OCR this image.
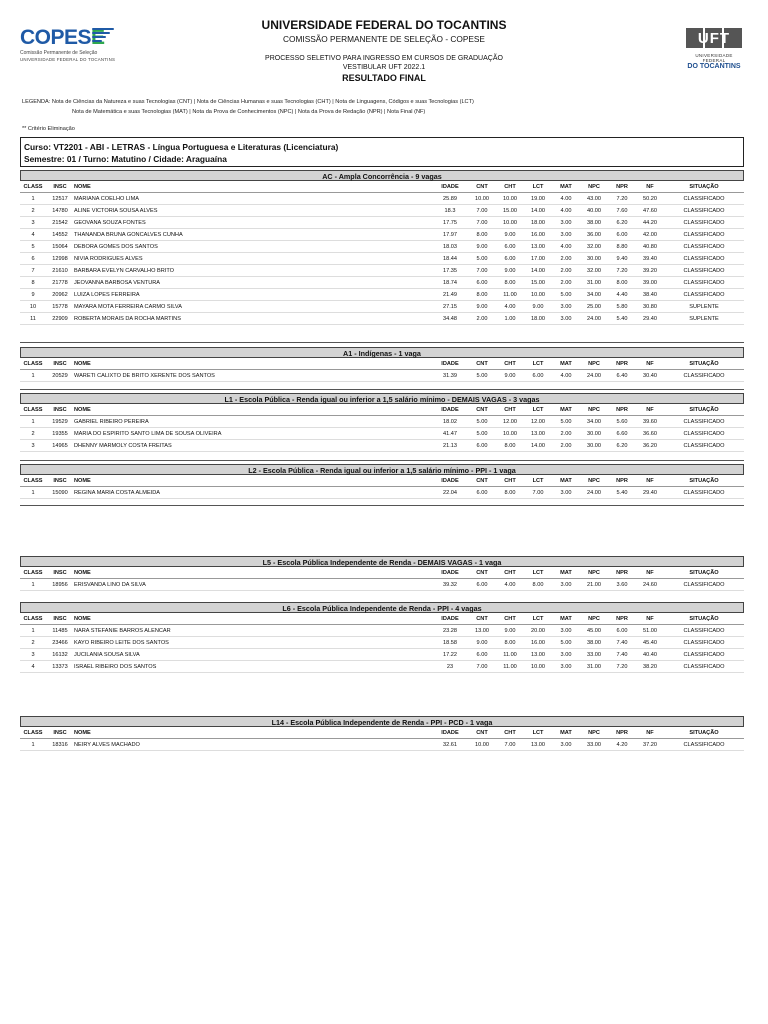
COPES
Comissão Permanente de Seleção
UNIVERSIDADE FEDERAL DO TOCANTINS
UNIVERSIDADE FEDERAL DO TOCANTINS
COMISSÃO PERMANENTE DE SELEÇÃO - COPESE
PROCESSO SELETIVO PARA INGRESSO EM CURSOS DE GRADUAÇÃO
VESTIBULAR UFT 2022.1
RESULTADO FINAL
UFT
UNIVERSIDADE FEDERAL
DO TOCANTINS
LEGENDA: Nota de Ciências da Natureza e suas Tecnologias (CNT) | Nota de Ciências Humanas e suas Tecnologias (CHT) | Nota de Linguagens, Códigos e suas Tecnologias (LCT)
Nota de Matemática e suas Tecnologias (MAT) | Nota da Prova de Conhecimentos (NPC) | Nota da Prova de Redação (NPR) | Nota Final (NF)
** Critério Eliminação
Curso: VT2201 - ABI - LETRAS - Língua Portuguesa e Literaturas (Licenciatura)
Semestre: 01 / Turno: Matutino / Cidade: Araguaína
AC - Ampla Concorrência - 9 vagas
CLASS	INSC	NOME	IDADE	CNT	CHT	LCT	MAT	NPC	NPR	NF	SITUAÇÃO
1	12517	MARIANA COELHO LIMA	25.89	10.00	10.00	19.00	4.00	43.00	7.20	50.20	CLASSIFICADO
2	14780	ALINE VICTORIA SOUSA ALVES	18.3	7.00	15.00	14.00	4.00	40.00	7.60	47.60	CLASSIFICADO
3	21542	GEOVANA SOUZA FONTES	17.75	7.00	10.00	18.00	3.00	38.00	6.20	44.20	CLASSIFICADO
4	14552	THANANDA BRUNA GONCALVES CUNHA	17.97	8.00	9.00	16.00	3.00	36.00	6.00	42.00	CLASSIFICADO
5	15064	DEBORA GOMES DOS SANTOS	18.03	9.00	6.00	13.00	4.00	32.00	8.80	40.80	CLASSIFICADO
6	12998	NIVIA RODRIGUES ALVES	18.44	5.00	6.00	17.00	2.00	30.00	9.40	39.40	CLASSIFICADO
7	21610	BARBARA EVELYN CARVALHO BRITO	17.35	7.00	9.00	14.00	2.00	32.00	7.20	39.20	CLASSIFICADO
8	21778	JEOVANNA BARBOSA VENTURA	18.74	6.00	8.00	15.00	2.00	31.00	8.00	39.00	CLASSIFICADO
9	20962	LUIZA LOPES FERREIRA	21.49	8.00	11.00	10.00	5.00	34.00	4.40	38.40	CLASSIFICADO
10	15778	MAYARA MOTA FERREIRA CARMO SILVA	27.15	9.00	4.00	9.00	3.00	25.00	5.80	30.80	SUPLENTE
11	22909	ROBERTA MORAIS DA ROCHA MARTINS	34.48	2.00	1.00	18.00	3.00	24.00	5.40	29.40	SUPLENTE
A1 - Indígenas - 1 vaga
CLASS	INSC	NOME	IDADE	CNT	CHT	LCT	MAT	NPC	NPR	NF	SITUAÇÃO
1	20529	WARETI CALIXTO DE BRITO XERENTE DOS SANTOS	31.39	5.00	9.00	6.00	4.00	24.00	6.40	30.40	CLASSIFICADO
L1 - Escola Pública - Renda igual ou inferior a 1,5 salário mínimo - DEMAIS VAGAS - 3 vagas
CLASS	INSC	NOME	IDADE	CNT	CHT	LCT	MAT	NPC	NPR	NF	SITUAÇÃO
1	19529	GABRIEL RIBEIRO PEREIRA	18.02	5.00	12.00	12.00	5.00	34.00	5.60	39.60	CLASSIFICADO
2	19355	MARIA DO ESPIRITO SANTO LIMA DE SOUSA OLIVEIRA	41.47	5.00	10.00	13.00	2.00	30.00	6.60	36.60	CLASSIFICADO
3	14965	DHENNY MARMOLY COSTA FREITAS	21.13	6.00	8.00	14.00	2.00	30.00	6.20	36.20	CLASSIFICADO
L2 - Escola Pública - Renda igual ou inferior a 1,5 salário mínimo - PPI - 1 vaga
CLASS	INSC	NOME	IDADE	CNT	CHT	LCT	MAT	NPC	NPR	NF	SITUAÇÃO
1	15090	REGINA MARIA COSTA ALMEIDA	22.04	6.00	8.00	7.00	3.00	24.00	5.40	29.40	CLASSIFICADO
L5 - Escola Pública Independente de Renda - DEMAIS VAGAS - 1 vaga
CLASS	INSC	NOME	IDADE	CNT	CHT	LCT	MAT	NPC	NPR	NF	SITUAÇÃO
1	18956	ERISVANDA LINO DA SILVA	39.32	6.00	4.00	8.00	3.00	21.00	3.60	24.60	CLASSIFICADO
L6 - Escola Pública Independente de Renda - PPI - 4 vagas
CLASS	INSC	NOME	IDADE	CNT	CHT	LCT	MAT	NPC	NPR	NF	SITUAÇÃO
1	11485	NARA STEFANIE BARROS ALENCAR	23.28	13.00	9.00	20.00	3.00	45.00	6.00	51.00	CLASSIFICADO
2	23466	KAYO RIBEIRO LEITE DOS SANTOS	18.58	9.00	8.00	16.00	5.00	38.00	7.40	45.40	CLASSIFICADO
3	16132	JUCILANIA SOUSA SILVA	17.22	6.00	11.00	13.00	3.00	33.00	7.40	40.40	CLASSIFICADO
4	13373	ISRAEL RIBEIRO DOS SANTOS	23	7.00	11.00	10.00	3.00	31.00	7.20	38.20	CLASSIFICADO
L14 - Escola Pública Independente de Renda - PPI - PCD - 1 vaga
CLASS	INSC	NOME	IDADE	CNT	CHT	LCT	MAT	NPC	NPR	NF	SITUAÇÃO
1	18316	NEIRY ALVES MACHADO	32.61	10.00	7.00	13.00	3.00	33.00	4.20	37.20	CLASSIFICADO
